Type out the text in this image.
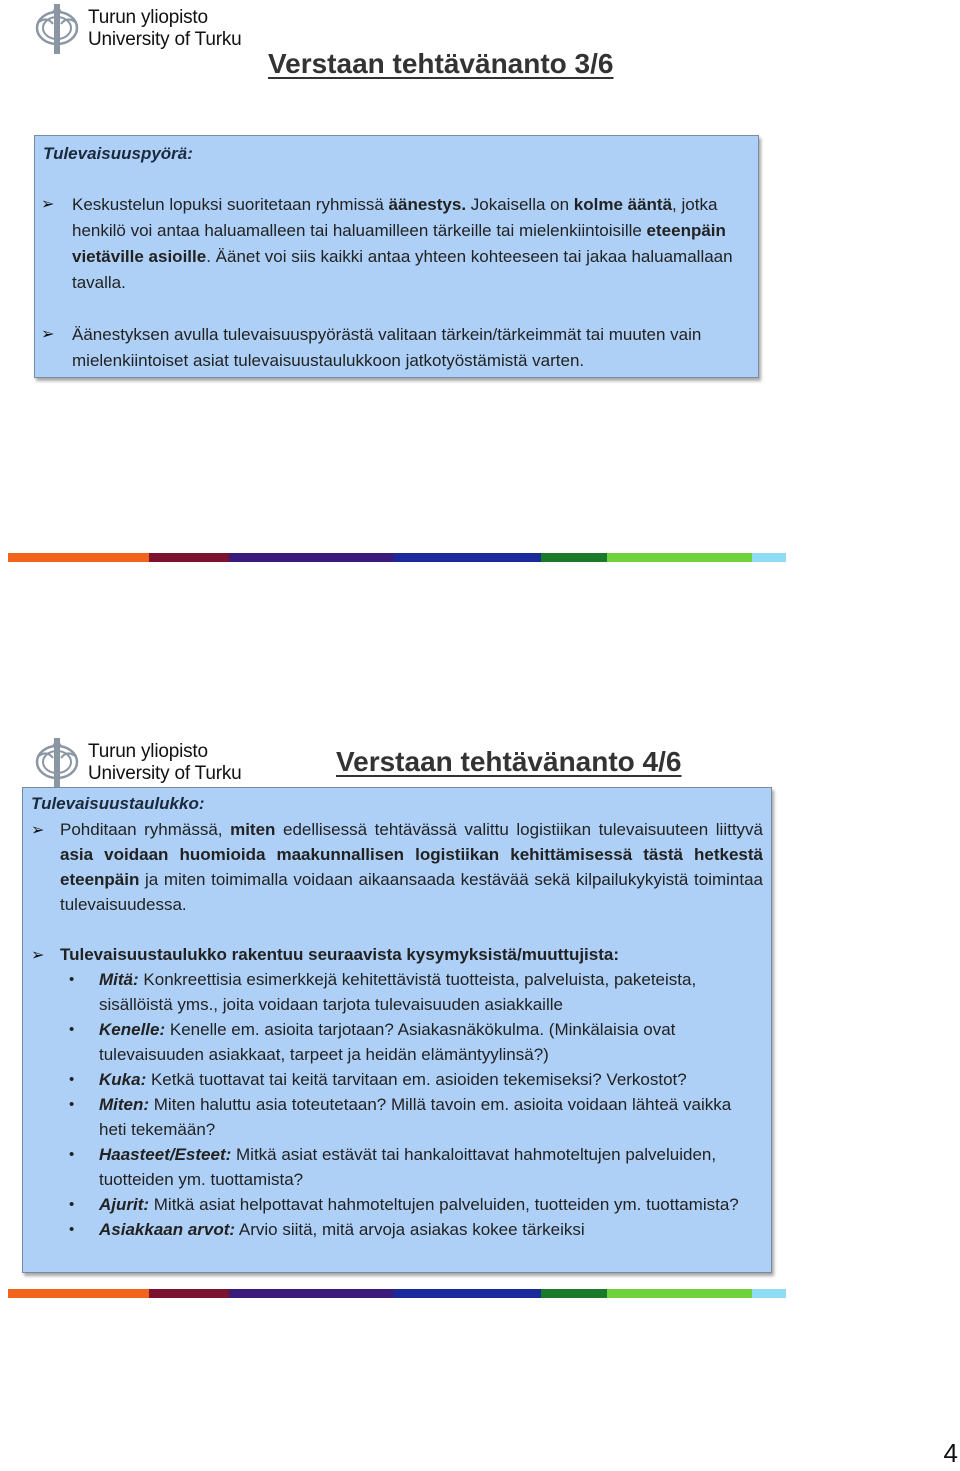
Turun yliopisto
University of Turku
Verstaan tehtävänanto 3/6
Tulevaisuuspyörä:
➢ Keskustelun lopuksi suoritetaan ryhmissä äänestys. Jokaisella on kolme ääntä, jotka henkilö voi antaa haluamalleen tai haluamilleen tärkeille tai mielenkiintoisille eteenpäin vietäville asioille. Äänet voi siis kaikki antaa yhteen kohteeseen tai jakaa haluamallaan tavalla.
➢ Äänestyksen avulla tulevaisuuspyörästä valitaan tärkein/tärkeimmät tai muuten vain mielenkiintoiset asiat tulevaisuustaulukkoon jatkotyöstämistä varten.
Turun yliopisto
University of Turku	Verstaan tehtävänanto 4/6
Tulevaisuustaulukko:
➢ Pohditaan ryhmässä, miten edellisessä tehtävässä valittu logistiikan tulevaisuuteen liittyvä asia voidaan huomioida maakunnallisen logistiikan kehittämisessä tästä hetkestä eteenpäin ja miten toimimalla voidaan aikaansaada kestävää sekä kilpailukykyistä toimintaa tulevaisuudessa.
➢ Tulevaisuustaulukko rakentuu seuraavista kysymyksistä/muuttujista:
• Mitä: Konkreettisia esimerkkejä kehitettävistä tuotteista, palveluista, paketeista, sisällöistä yms., joita voidaan tarjota tulevaisuuden asiakkaille
• Kenelle: Kenelle em. asioita tarjotaan? Asiakasnäkökulma. (Minkälaisia ovat tulevaisuuden asiakkaat, tarpeet ja heidän elämäntyylinsä?)
• Kuka: Ketkä tuottavat tai keitä tarvitaan em. asioiden tekemiseksi? Verkostot?
• Miten: Miten haluttu asia toteutetaan? Millä tavoin em. asioita voidaan lähteä vaikka heti tekemään?
• Haasteet/Esteet: Mitkä asiat estävät tai hankaloittavat hahmoteltujen palveluiden, tuotteiden ym. tuottamista?
• Ajurit: Mitkä asiat helpottavat hahmoteltujen palveluiden, tuotteiden ym. tuottamista?
• Asiakkaan arvot: Arvio siitä, mitä arvoja asiakas kokee tärkeiksi
4
